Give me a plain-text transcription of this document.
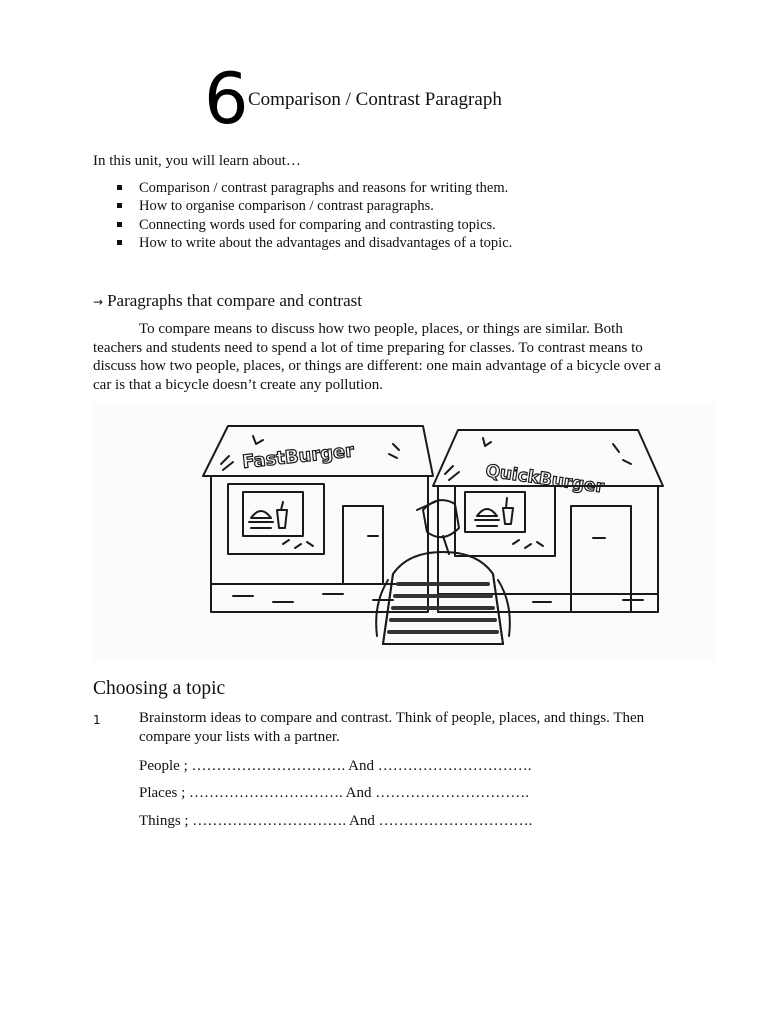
6 Comparison / Contrast Paragraph
In this unit, you will learn about…
Comparison / contrast paragraphs and reasons for writing them.
How to organise comparison / contrast paragraphs.
Connecting words used for comparing and contrasting topics.
How to write about the advantages and disadvantages of a topic.
→ Paragraphs that compare and contrast

To compare means to discuss how two people, places, or things are similar. Both teachers and students need to spend a lot of time preparing for classes. To contrast means to discuss how two people, places, or things are different: one main advantage of a bicycle over a car is that a bicycle doesn’t create any pollution.

FastBurger
QuickBurger
Choosing a topic
1	Brainstorm ideas to compare and contrast. Think of people, places, and things. Then compare your lists with a partner.

People ; …………………………. And ………………………….
Places ; …………………………. And ………………………….
Things ; …………………………. And ………………………….
